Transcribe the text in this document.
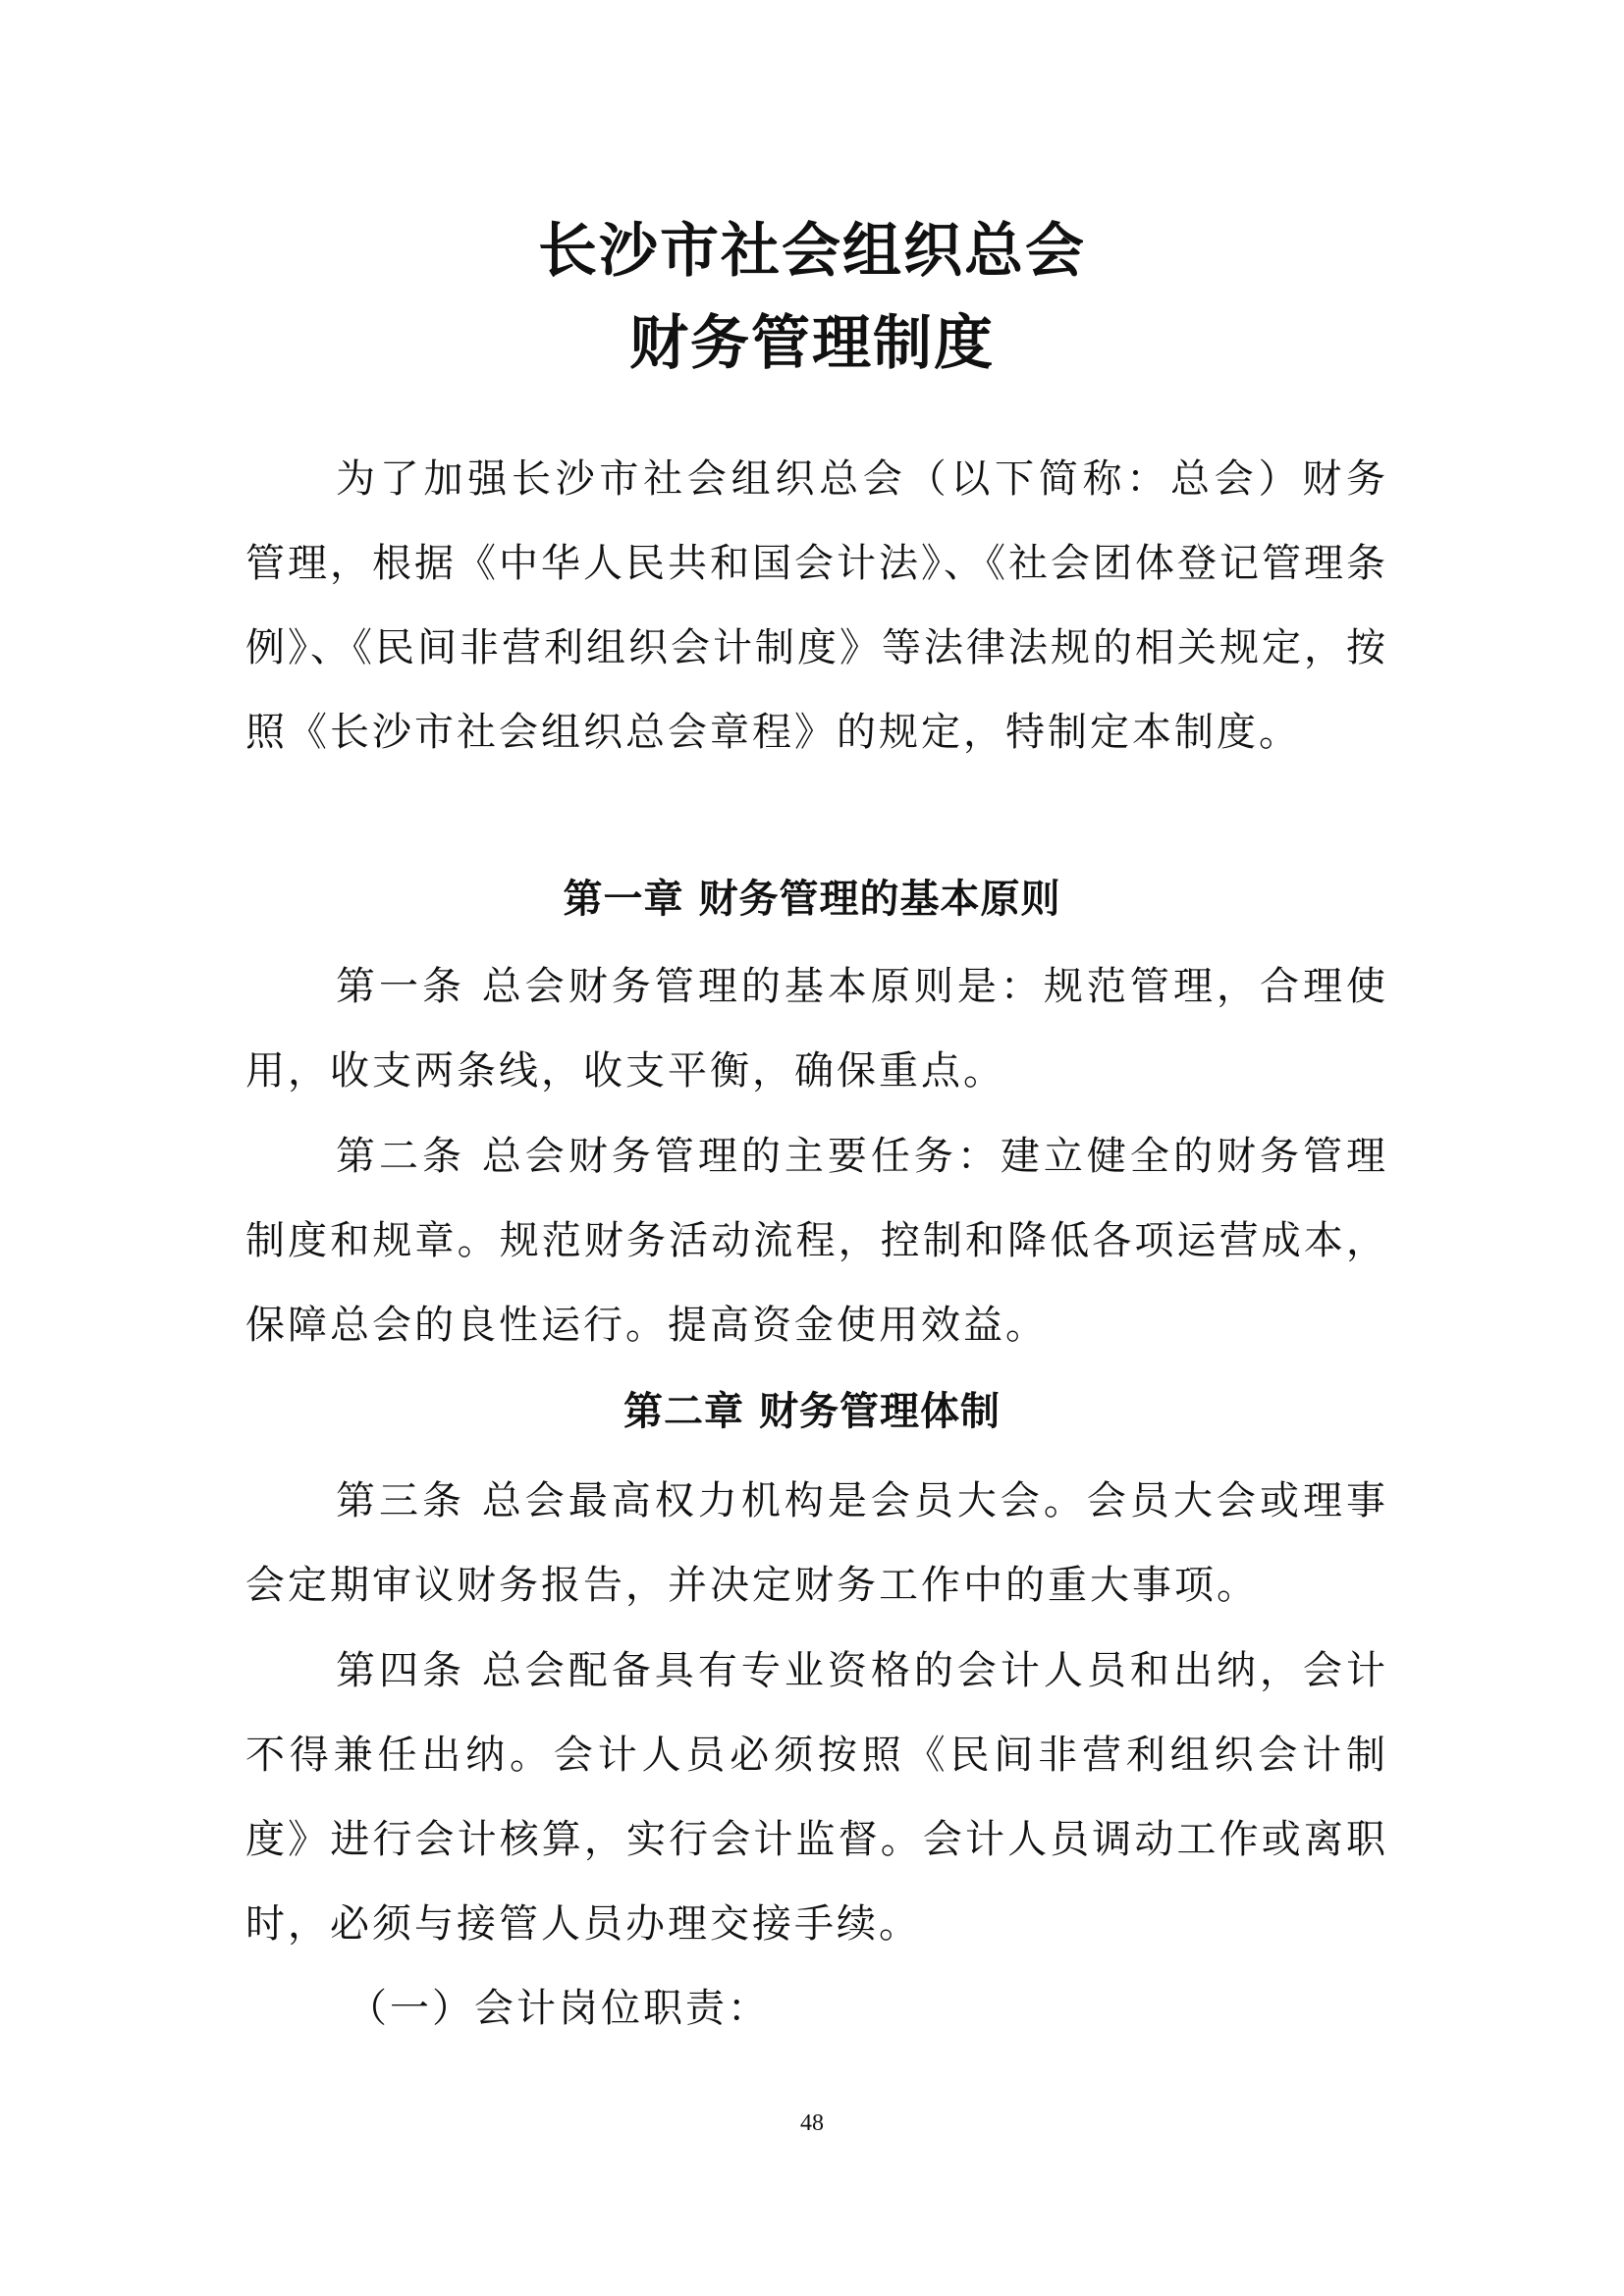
长沙市社会组织总会
财务管理制度

为了加强长沙市社会组织总会（以下简称：总会）财务管理，根据《中华人民共和国会计法》、《社会团体登记管理条例》、《民间非营利组织会计制度》等法律法规的相关规定，按照《长沙市社会组织总会章程》的规定，特制定本制度。

第一章 财务管理的基本原则

第一条 总会财务管理的基本原则是：规范管理，合理使用，收支两条线，收支平衡，确保重点。

第二条 总会财务管理的主要任务：建立健全的财务管理制度和规章。规范财务活动流程，控制和降低各项运营成本，保障总会的良性运行。提高资金使用效益。

第二章 财务管理体制

第三条 总会最高权力机构是会员大会。会员大会或理事会定期审议财务报告，并决定财务工作中的重大事项。

第四条 总会配备具有专业资格的会计人员和出纳，会计不得兼任出纳。会计人员必须按照《民间非营利组织会计制度》进行会计核算，实行会计监督。会计人员调动工作或离职时，必须与接管人员办理交接手续。

（一）会计岗位职责：

48
